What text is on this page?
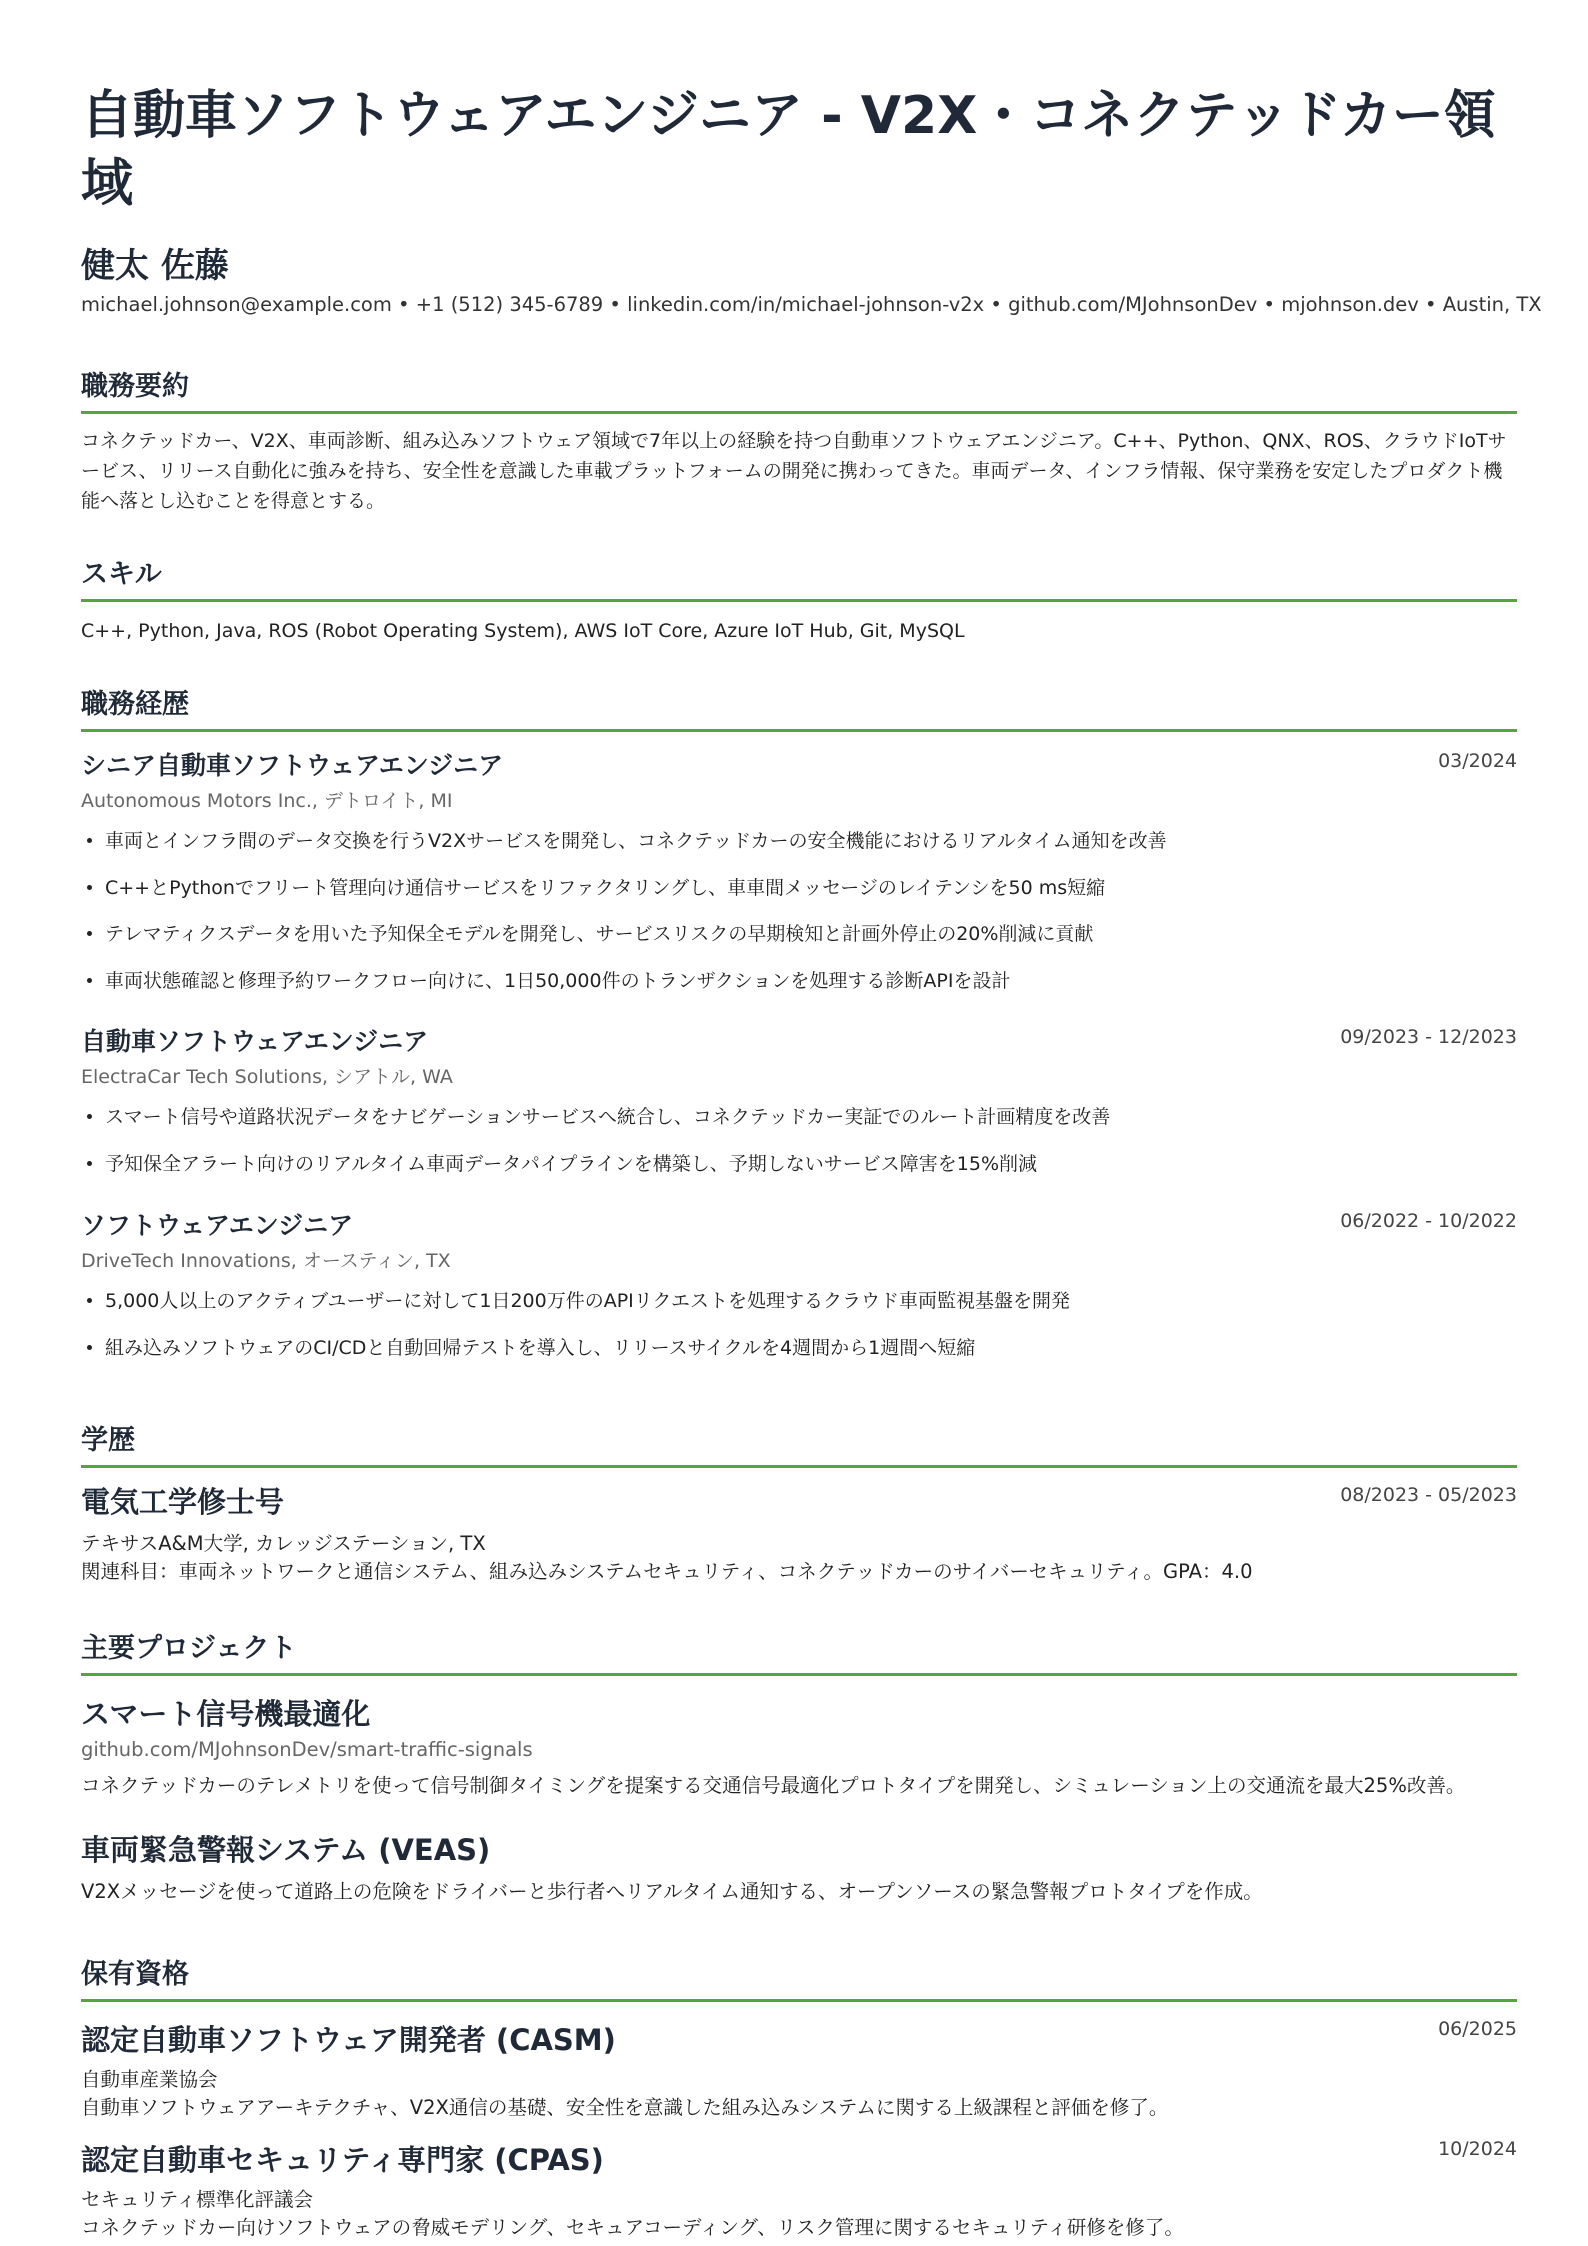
自動車ソフトウェアエンジニア - V2X・コネクテッドカー領域
健太 佐藤
michael.johnson@example.com • +1 (512) 345-6789 • linkedin.com/in/michael-johnson-v2x • github.com/MJohnsonDev • mjohnson.dev • Austin, TX
職務要約
コネクテッドカー、V2X、車両診断、組み込みソフトウェア領域で7年以上の経験を持つ自動車ソフトウェアエンジニア。C++、Python、QNX、ROS、クラウドIoTサービス、リリース自動化に強みを持ち、安全性を意識した車載プラットフォームの開発に携わってきた。車両データ、インフラ情報、保守業務を安定したプロダクト機能へ落とし込むことを得意とする。
スキル
C++, Python, Java, ROS (Robot Operating System), AWS IoT Core, Azure IoT Hub, Git, MySQL
職務経歴
シニア自動車ソフトウェアエンジニア	03/2024
Autonomous Motors Inc., デトロイト, MI
車両とインフラ間のデータ交換を行うV2Xサービスを開発し、コネクテッドカーの安全機能におけるリアルタイム通知を改善
C++とPythonでフリート管理向け通信サービスをリファクタリングし、車車間メッセージのレイテンシを50 ms短縮
テレマティクスデータを用いた予知保全モデルを開発し、サービスリスクの早期検知と計画外停止の20%削減に貢献
車両状態確認と修理予約ワークフロー向けに、1日50,000件のトランザクションを処理する診断APIを設計
自動車ソフトウェアエンジニア	09/2023 - 12/2023
ElectraCar Tech Solutions, シアトル, WA
スマート信号や道路状況データをナビゲーションサービスへ統合し、コネクテッドカー実証でのルート計画精度を改善
予知保全アラート向けのリアルタイム車両データパイプラインを構築し、予期しないサービス障害を15%削減
ソフトウェアエンジニア	06/2022 - 10/2022
DriveTech Innovations, オースティン, TX
5,000人以上のアクティブユーザーに対して1日200万件のAPIリクエストを処理するクラウド車両監視基盤を開発
組み込みソフトウェアのCI/CDと自動回帰テストを導入し、リリースサイクルを4週間から1週間へ短縮
学歴
電気工学修士号	08/2023 - 05/2023
テキサスA&M大学, カレッジステーション, TX
関連科目：車両ネットワークと通信システム、組み込みシステムセキュリティ、コネクテッドカーのサイバーセキュリティ。GPA：4.0
主要プロジェクト
スマート信号機最適化
github.com/MJohnsonDev/smart-traffic-signals
コネクテッドカーのテレメトリを使って信号制御タイミングを提案する交通信号最適化プロトタイプを開発し、シミュレーション上の交通流を最大25%改善。
車両緊急警報システム (VEAS)
V2Xメッセージを使って道路上の危険をドライバーと歩行者へリアルタイム通知する、オープンソースの緊急警報プロトタイプを作成。
保有資格
認定自動車ソフトウェア開発者 (CASM)	06/2025
自動車産業協会
自動車ソフトウェアアーキテクチャ、V2X通信の基礎、安全性を意識した組み込みシステムに関する上級課程と評価を修了。
認定自動車セキュリティ専門家 (CPAS)	10/2024
セキュリティ標準化評議会
コネクテッドカー向けソフトウェアの脅威モデリング、セキュアコーディング、リスク管理に関するセキュリティ研修を修了。
